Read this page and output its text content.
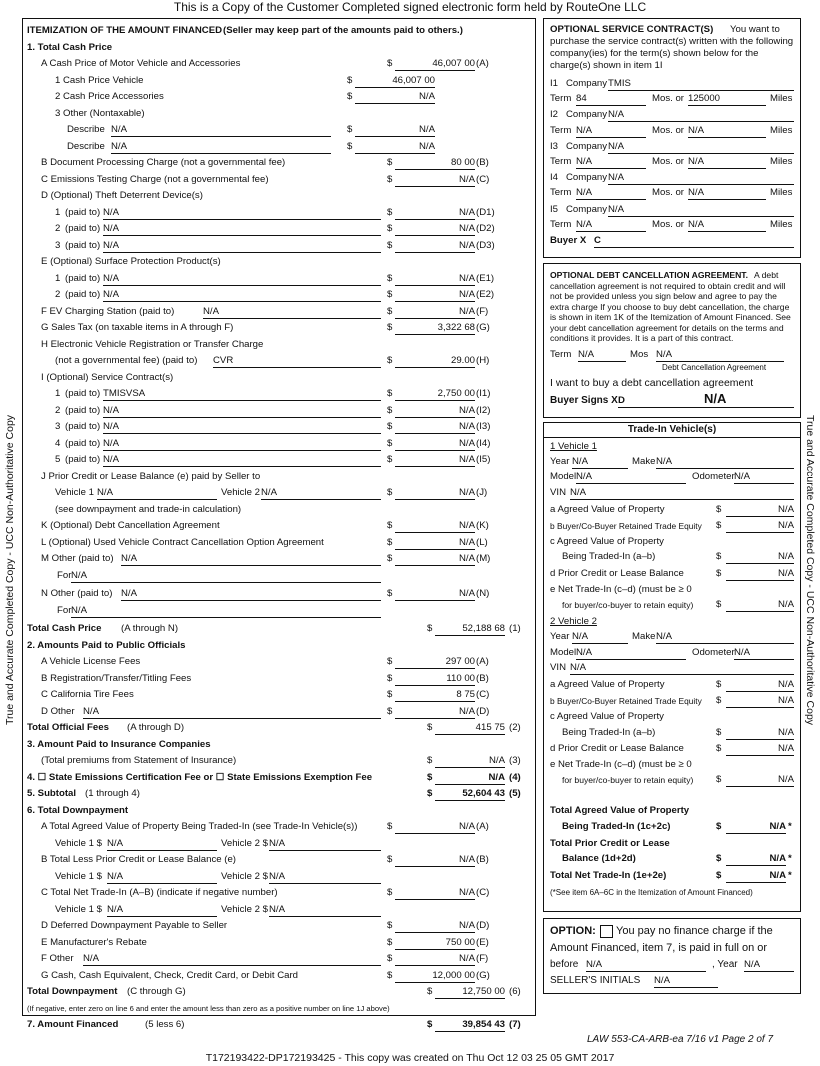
This is a Copy of the Customer Completed signed electronic form held by RouteOne LLC
True and Accurate Completed Copy - UCC Non-Authoritative Copy	True and Accurate Completed Copy - UCC Non-Authoritative Copy
ITEMIZATION OF THE AMOUNT FINANCED (Seller may keep part of the amounts paid to others.)
1. Total Cash Price
A Cash Price of Motor Vehicle and Accessories	$	46,007 00 (A)
1 Cash Price Vehicle	$	46,007 00
2 Cash Price Accessories	$	N/A
3 Other (Nontaxable)
Describe N/A	$	N/A
Describe N/A	$	N/A
B Document Processing Charge (not a governmental fee)	$	80 00 (B)
C Emissions Testing Charge (not a governmental fee)	$	N/A (C)
D (Optional) Theft Deterrent Device(s)
1 (paid to) N/A	$	N/A (D1)
2 (paid to) N/A	$	N/A (D2)
3 (paid to) N/A	$	N/A (D3)
E (Optional) Surface Protection Product(s)
1 (paid to) N/A	$	N/A (E1)
2 (paid to) N/A	$	N/A (E2)
F EV Charging Station (paid to)	N/A	$	N/A (F)
G Sales Tax (on taxable items in A through F)	$	3,322 68 (G)
H Electronic Vehicle Registration or Transfer Charge
(not a governmental fee) (paid to) CVR	$	29.00 (H)
I (Optional) Service Contract(s)
1 (paid to) TMISVSA	$	2,750 00 (I1)
2 (paid to) N/A	$	N/A (I2)
3 (paid to) N/A	$	N/A (I3)
4 (paid to) N/A	$	N/A (I4)
5 (paid to) N/A	$	N/A (I5)
J Prior Credit or Lease Balance (e) paid by Seller to
Vehicle 1 N/A	Vehicle 2 N/A	$	N/A (J)
(see downpayment and trade-in calculation)
K (Optional) Debt Cancellation Agreement	$	N/A (K)
L (Optional) Used Vehicle Contract Cancellation Option Agreement	$	N/A (L)
M Other (paid to) N/A	$	N/A (M)
For N/A
N Other (paid to) N/A	$	N/A (N)
For N/A
Total Cash Price (A through N)	$	52,188 68 (1)
2. Amounts Paid to Public Officials
A Vehicle License Fees	$	297 00 (A)
B Registration/Transfer/Titling Fees	$	110 00 (B)
C California Tire Fees	$	8 75 (C)
D Other N/A	$	N/A (D)
Total Official Fees (A through D)	$	415 75 (2)
3. Amount Paid to Insurance Companies
(Total premiums from Statement of Insurance)	$	N/A (3)
4. ☐ State Emissions Certification Fee or ☐ State Emissions Exemption Fee	$	N/A (4)
5. Subtotal (1 through 4)	$	52,604 43 (5)
6. Total Downpayment
A Total Agreed Value of Property Being Traded-In (see Trade-In Vehicle(s))	$	N/A (A)
Vehicle 1 $ N/A	Vehicle 2 $ N/A
B Total Less Prior Credit or Lease Balance (e)	$	N/A (B)
Vehicle 1 $ N/A	Vehicle 2 $ N/A
C Total Net Trade-In (A–B) (indicate if negative number)	$	N/A (C)
Vehicle 1 $ N/A	Vehicle 2 $ N/A
D Deferred Downpayment Payable to Seller	$	N/A (D)
E Manufacturer's Rebate	$	750 00 (E)
F Other N/A	$	N/A (F)
G Cash, Cash Equivalent, Check, Credit Card, or Debit Card	$	12,000 00 (G)
Total Downpayment (C through G)	$	12,750 00 (6)
(If negative, enter zero on line 6 and enter the amount less than zero as a positive number on line 1J above)
7. Amount Financed	(5 less 6)	$	39,854 43 (7)
OPTIONAL SERVICE CONTRACT(S) You want to
purchase the service contract(s) written with the following
company(ies) for the term(s) shown below for the
charge(s) shown in item 1I
I1 Company TMIS
Term 84	Mos. or 125000	Miles
I2 Company N/A
Term N/A	Mos. or N/A	Miles
I3 Company N/A
Term N/A	Mos. or N/A	Miles
I4 Company N/A
Term N/A	Mos. or N/A	Miles
I5 Company N/A
Term N/A	Mos. or N/A	Miles
Buyer X C
OPTIONAL DEBT CANCELLATION AGREEMENT. A debt
cancellation agreement is not required to obtain credit and will
not be provided unless you sign below and agree to pay the
extra charge If you choose to buy debt cancellation, the charge
is shown in item 1K of the Itemization of Amount Financed. See
your debt cancellation agreement for details on the terms and
conditions it provides. It is a part of this contract.
Term N/A	Mos N/A
Debt Cancellation Agreement
I want to buy a debt cancellation agreement
Buyer Signs X D	N/A
Trade-In Vehicle(s)
1 Vehicle 1
Year N/A	Make N/A
Model N/A	Odometer N/A
VIN N/A
a Agreed Value of Property	$	N/A
b Buyer/Co-Buyer Retained Trade Equity $	N/A
c Agreed Value of Property
Being Traded-In (a–b)	$	N/A
d Prior Credit or Lease Balance	$	N/A
e Net Trade-In (c–d) (must be ≥ 0
for buyer/co-buyer to retain equity) $	N/A
2 Vehicle 2
Year N/A	Make N/A
Model N/A	Odometer N/A
VIN N/A
a Agreed Value of Property	$	N/A
b Buyer/Co-Buyer Retained Trade Equity $	N/A
c Agreed Value of Property
Being Traded-In (a–b)	$	N/A
d Prior Credit or Lease Balance	$	N/A
e Net Trade-In (c–d) (must be ≥ 0
for buyer/co-buyer to retain equity) $	N/A
Total Agreed Value of Property
Being Traded-In (1c+2c)	$	N/A *
Total Prior Credit or Lease
Balance (1d+2d)	$	N/A *
Total Net Trade-In (1e+2e)	$	N/A *
(*See item 6A–6C in the Itemization of Amount Financed)
OPTION: You pay no finance charge if the
Amount Financed, item 7, is paid in full on or
before N/A	, Year N/A
SELLER'S INITIALS N/A
LAW 553-CA-ARB-ea 7/16 v1 Page 2 of 7
T172193422-DP172193425 - This copy was created on Thu Oct 12 03 25 05 GMT 2017
